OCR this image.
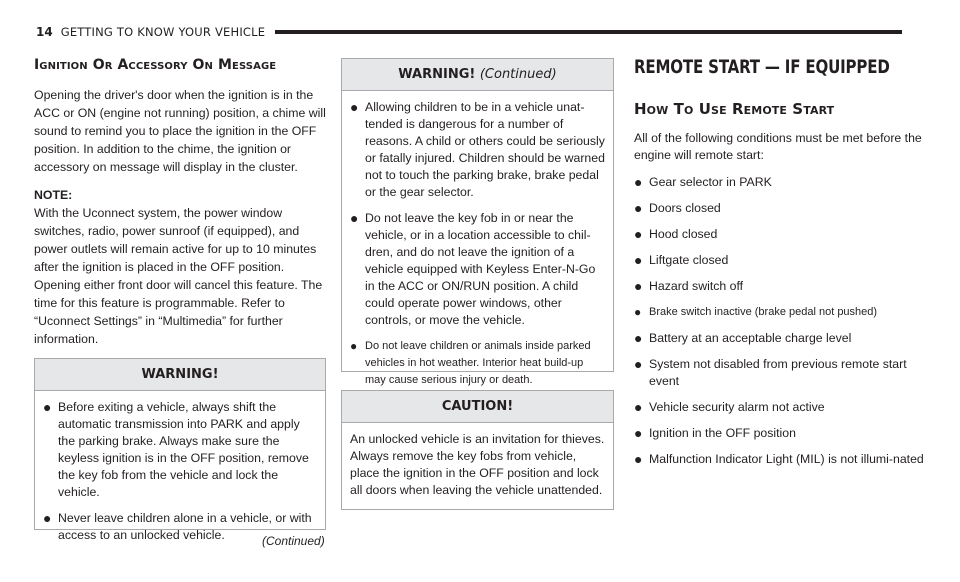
14 GETTING TO KNOW YOUR VEHICLE
Ignition Or Accessory On Message

Opening the driver's door when the ignition is in the ACC or ON (engine not running) position, a chime will sound to remind you to place the ignition in the OFF position. In addition to the chime, the ignition or accessory on message will display in the cluster.

NOTE:

With the Uconnect system, the power window switches, radio, power sunroof (if equipped), and power outlets will remain active for up to 10 minutes after the ignition is placed in the OFF position. Opening either front door will cancel this feature. The time for this feature is programmable. Refer to “Uconnect Settings” in “Multimedia” for further information.

WARNING!
● Before exiting a vehicle, always shift the automatic transmission into PARK and apply the parking brake. Always make sure the keyless ignition is in the OFF position, remove the key fob from the vehicle and lock the vehicle.
● Never leave children alone in a vehicle, or with access to an unlocked vehicle.	(Continued)
WARNING! (Continued)
● Allowing children to be in a vehicle unat-tended is dangerous for a number of reasons. A child or others could be seriously or fatally injured. Children should be warned not to touch the parking brake, brake pedal or the gear selector.
● Do not leave the key fob in or near the vehicle, or in a location accessible to chil-dren, and do not leave the ignition of a vehicle equipped with Keyless Enter-N-Go in the ACC or ON/RUN position. A child could operate power windows, other controls, or move the vehicle.
● Do not leave children or animals inside parked vehicles in hot weather. Interior heat build-up may cause serious injury or death.
CAUTION!

An unlocked vehicle is an invitation for thieves. Always remove the key fobs from vehicle, place the ignition in the OFF position and lock all doors when leaving the vehicle unattended.

REMOTE START — IF EQUIPPED
How To Use Remote Start

All of the following conditions must be met before the engine will remote start:

● Gear selector in PARK
● Doors closed
● Hood closed
● Liftgate closed
● Hazard switch off
● Brake switch inactive (brake pedal not pushed)
● Battery at an acceptable charge level
● System not disabled from previous remote start event
● Vehicle security alarm not active
● Ignition in the OFF position
● Malfunction Indicator Light (MIL) is not illumi-nated
